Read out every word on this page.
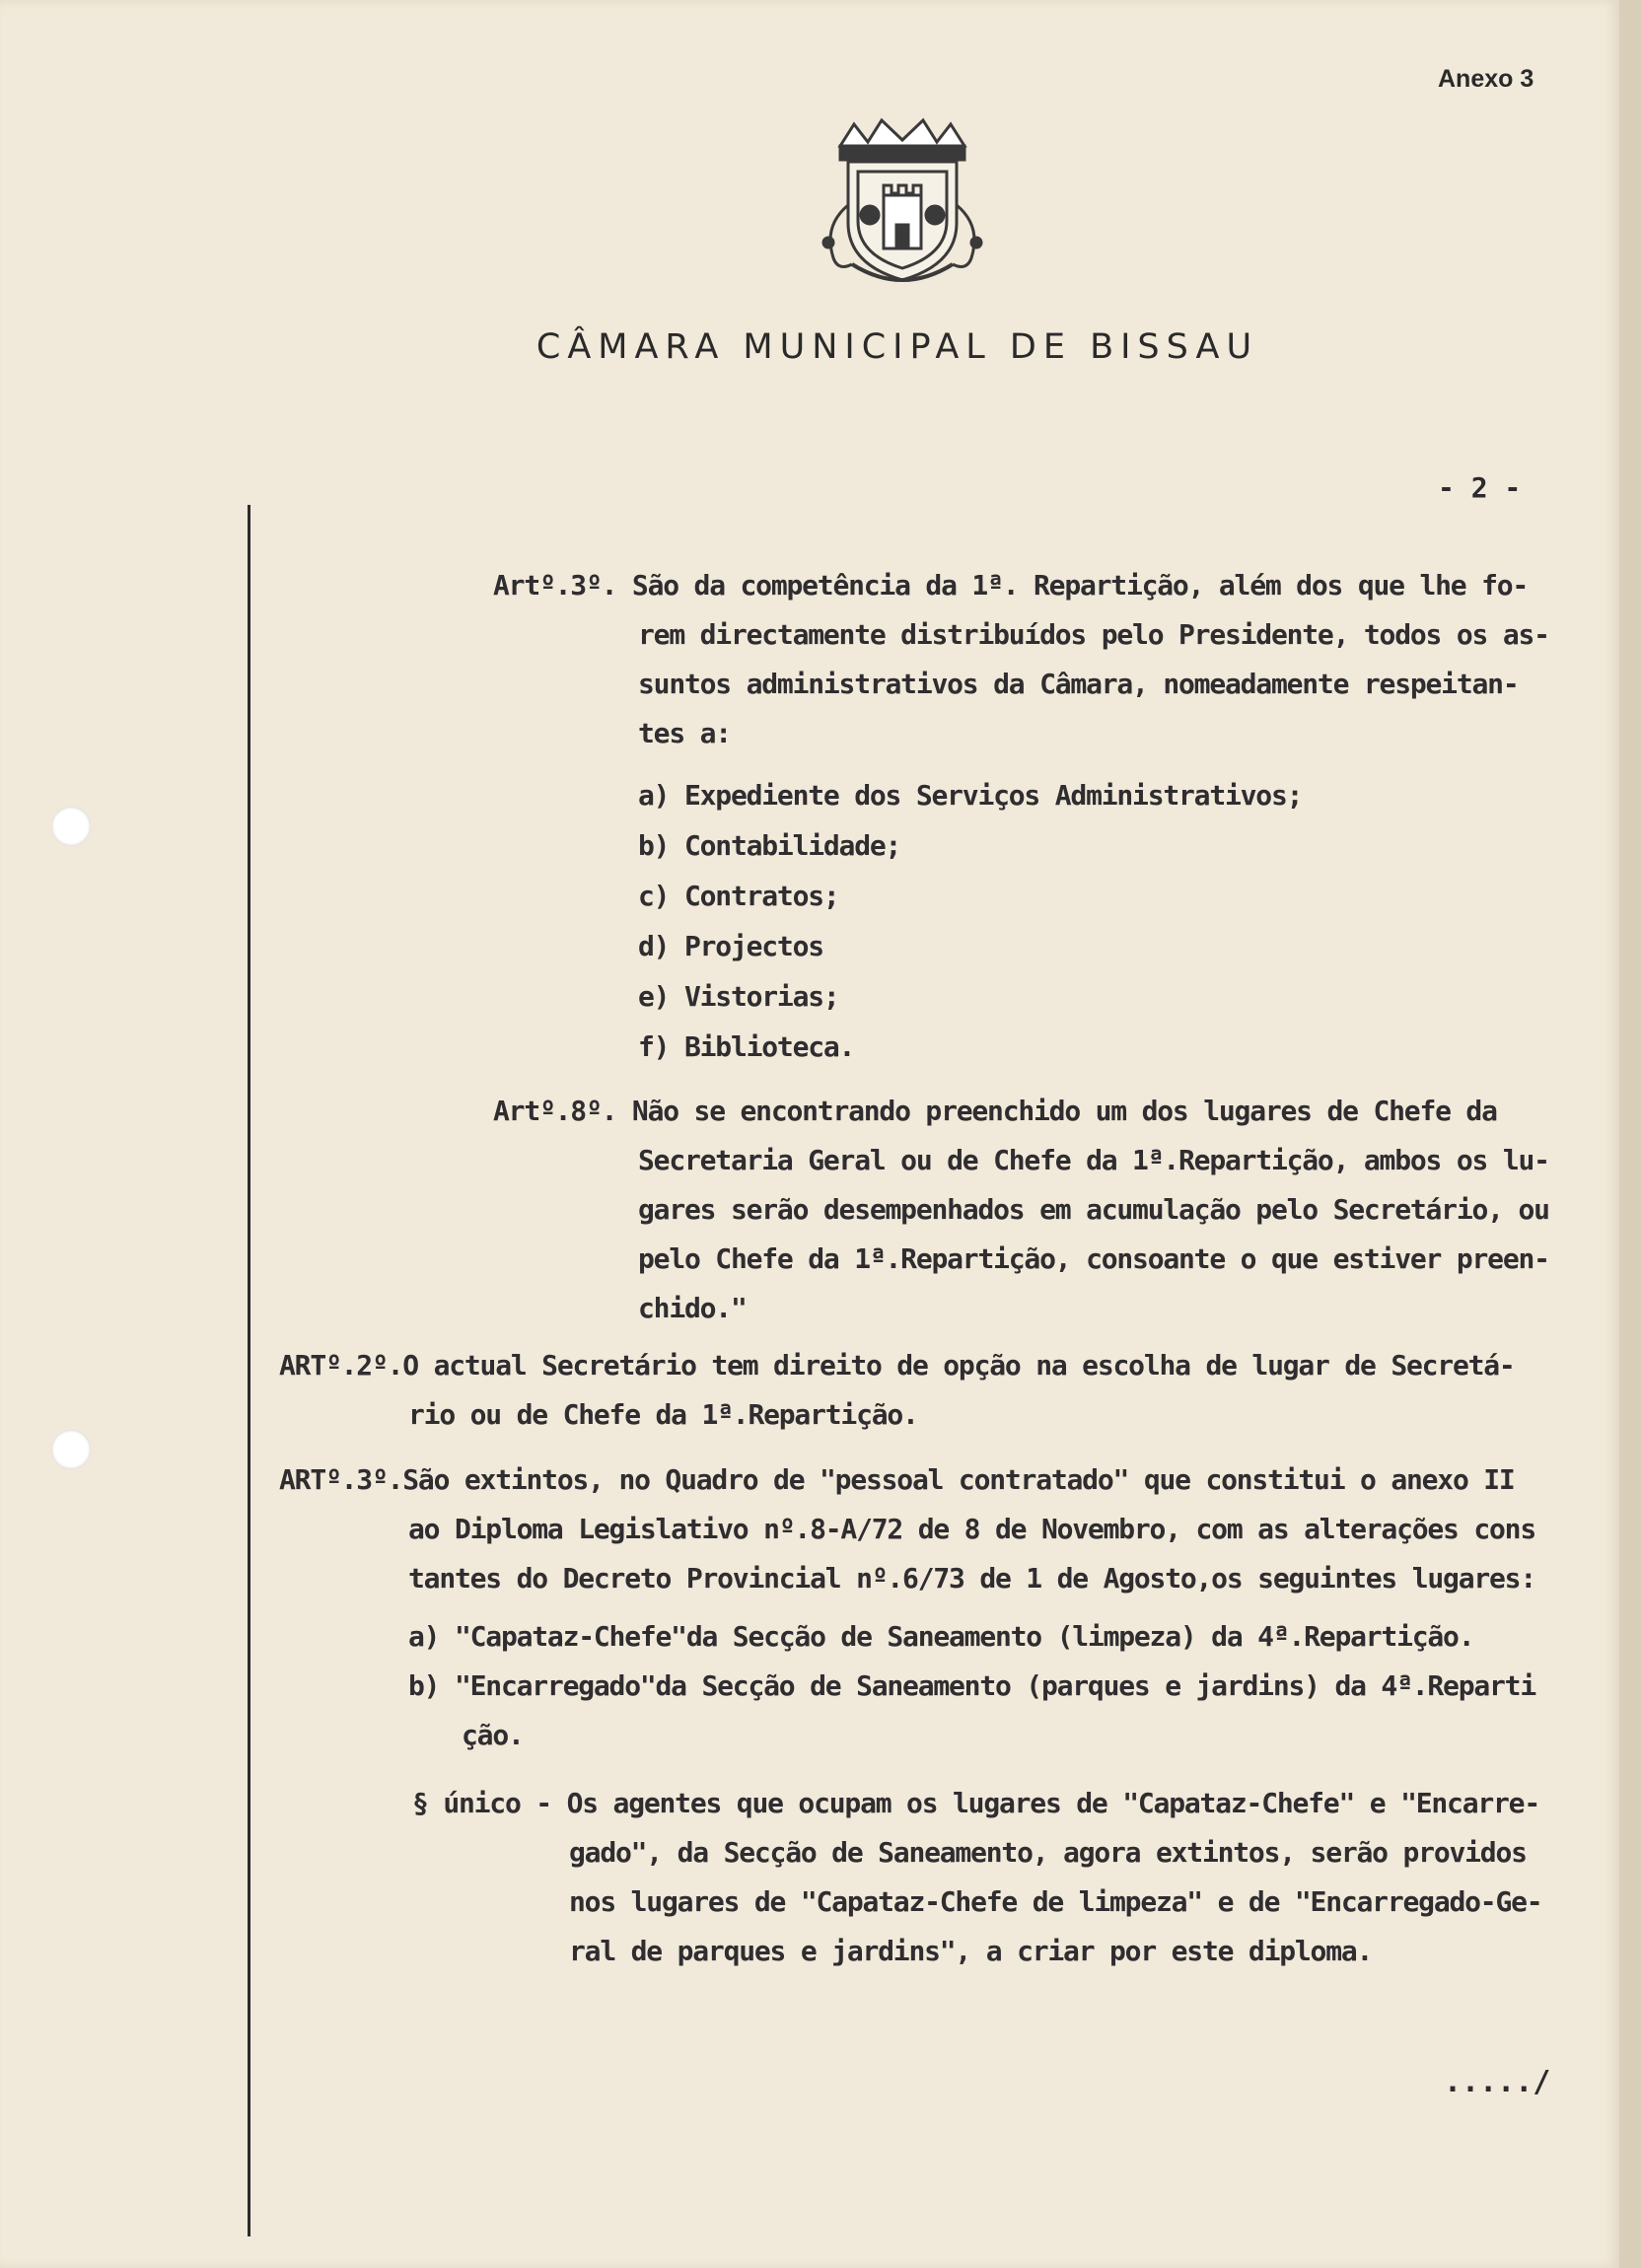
Anexo 3
CÂMARA MUNICIPAL DE BISSAU
- 2 -
Artº.3º. São da competência da 1ª. Repartição, além dos que lhe fo-
rem directamente distribuídos pelo Presidente, todos os as-
suntos administrativos da Câmara, nomeadamente respeitan-
tes a:
a) Expediente dos Serviços Administrativos;
b) Contabilidade;
c) Contratos;
d) Projectos
e) Vistorias;
f) Biblioteca.
Artº.8º. Não se encontrando preenchido um dos lugares de Chefe da
Secretaria Geral ou de Chefe da 1ª.Repartição, ambos os lu-
gares serão desempenhados em acumulação pelo Secretário, ou
pelo Chefe da 1ª.Repartição, consoante o que estiver preen-
chido."
ARTº.2º.O actual Secretário tem direito de opção na escolha de lugar de Secretá-
rio ou de Chefe da 1ª.Repartição.
ARTº.3º.São extintos, no Quadro de "pessoal contratado" que constitui o anexo II
ao Diploma Legislativo nº.8-A/72 de 8 de Novembro, com as alterações cons
tantes do Decreto Provincial nº.6/73 de 1 de Agosto,os seguintes lugares:
a) "Capataz-Chefe"da Secção de Saneamento (limpeza) da 4ª.Repartição.
b) "Encarregado"da Secção de Saneamento (parques e jardins) da 4ª.Reparti
ção.
§ único - Os agentes que ocupam os lugares de "Capataz-Chefe" e "Encarre-
gado", da Secção de Saneamento, agora extintos, serão providos
nos lugares de "Capataz-Chefe de limpeza" e de "Encarregado-Ge-
ral de parques e jardins", a criar por este diploma.
...../
